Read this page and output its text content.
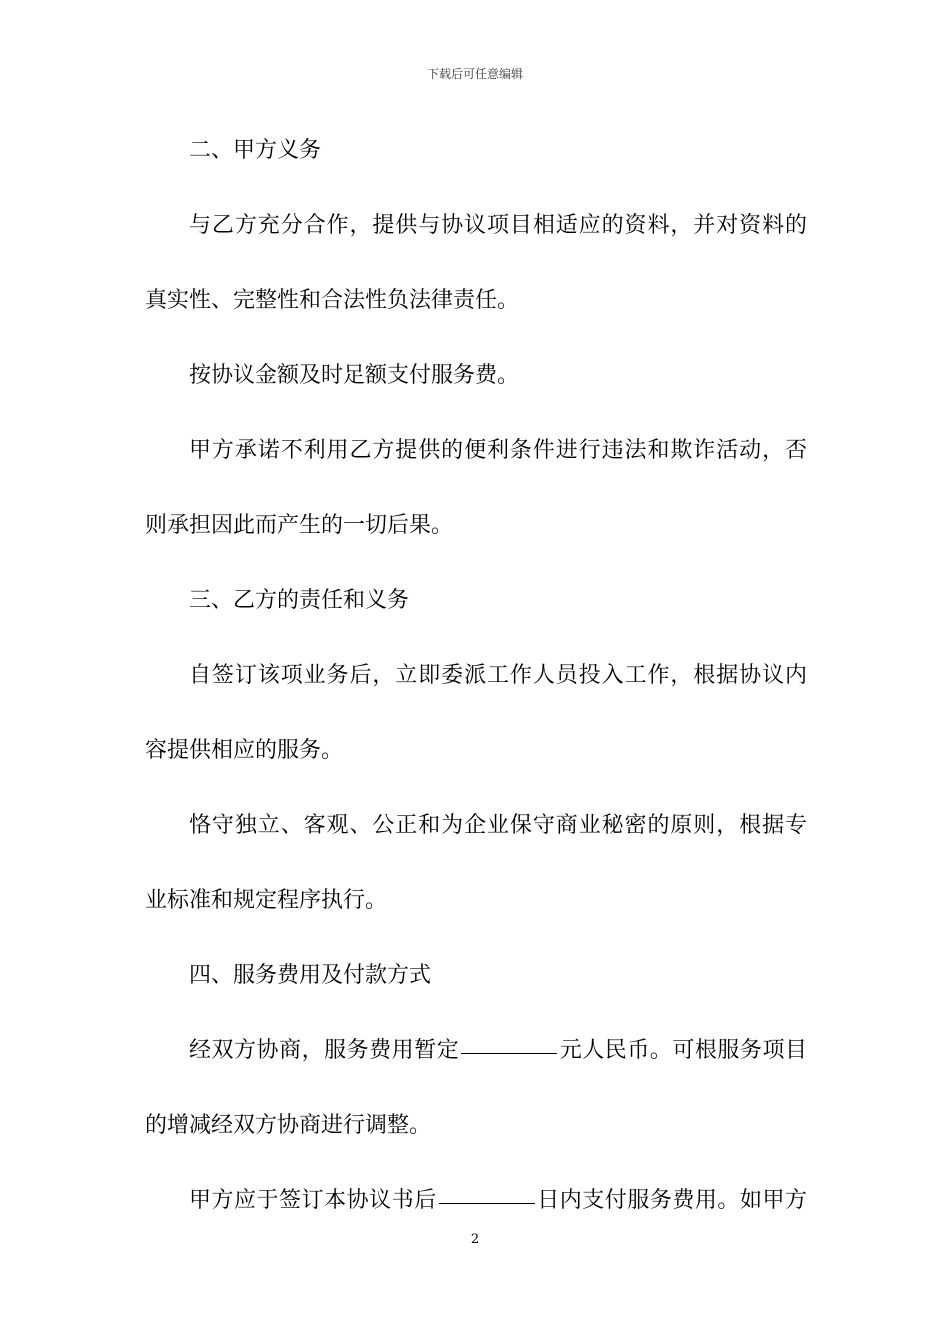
下载后可任意编辑
二、甲方义务
与乙方充分合作，提供与协议项目相适应的资料，并对资料的
真实性、完整性和合法性负法律责任。
按协议金额及时足额支付服务费。
甲方承诺不利用乙方提供的便利条件进行违法和欺诈活动，否
则承担因此而产生的一切后果。
三、乙方的责任和义务
自签订该项业务后，立即委派工作人员投入工作，根据协议内
容提供相应的服务。
恪守独立、客观、公正和为企业保守商业秘密的原则，根据专
业标准和规定程序执行。
四、服务费用及付款方式
经双方协商，服务费用暂定	元人民币。可根服务项目
的增减经双方协商进行调整。
甲方应于签订本协议书后	日内支付服务费用。如甲方
2
